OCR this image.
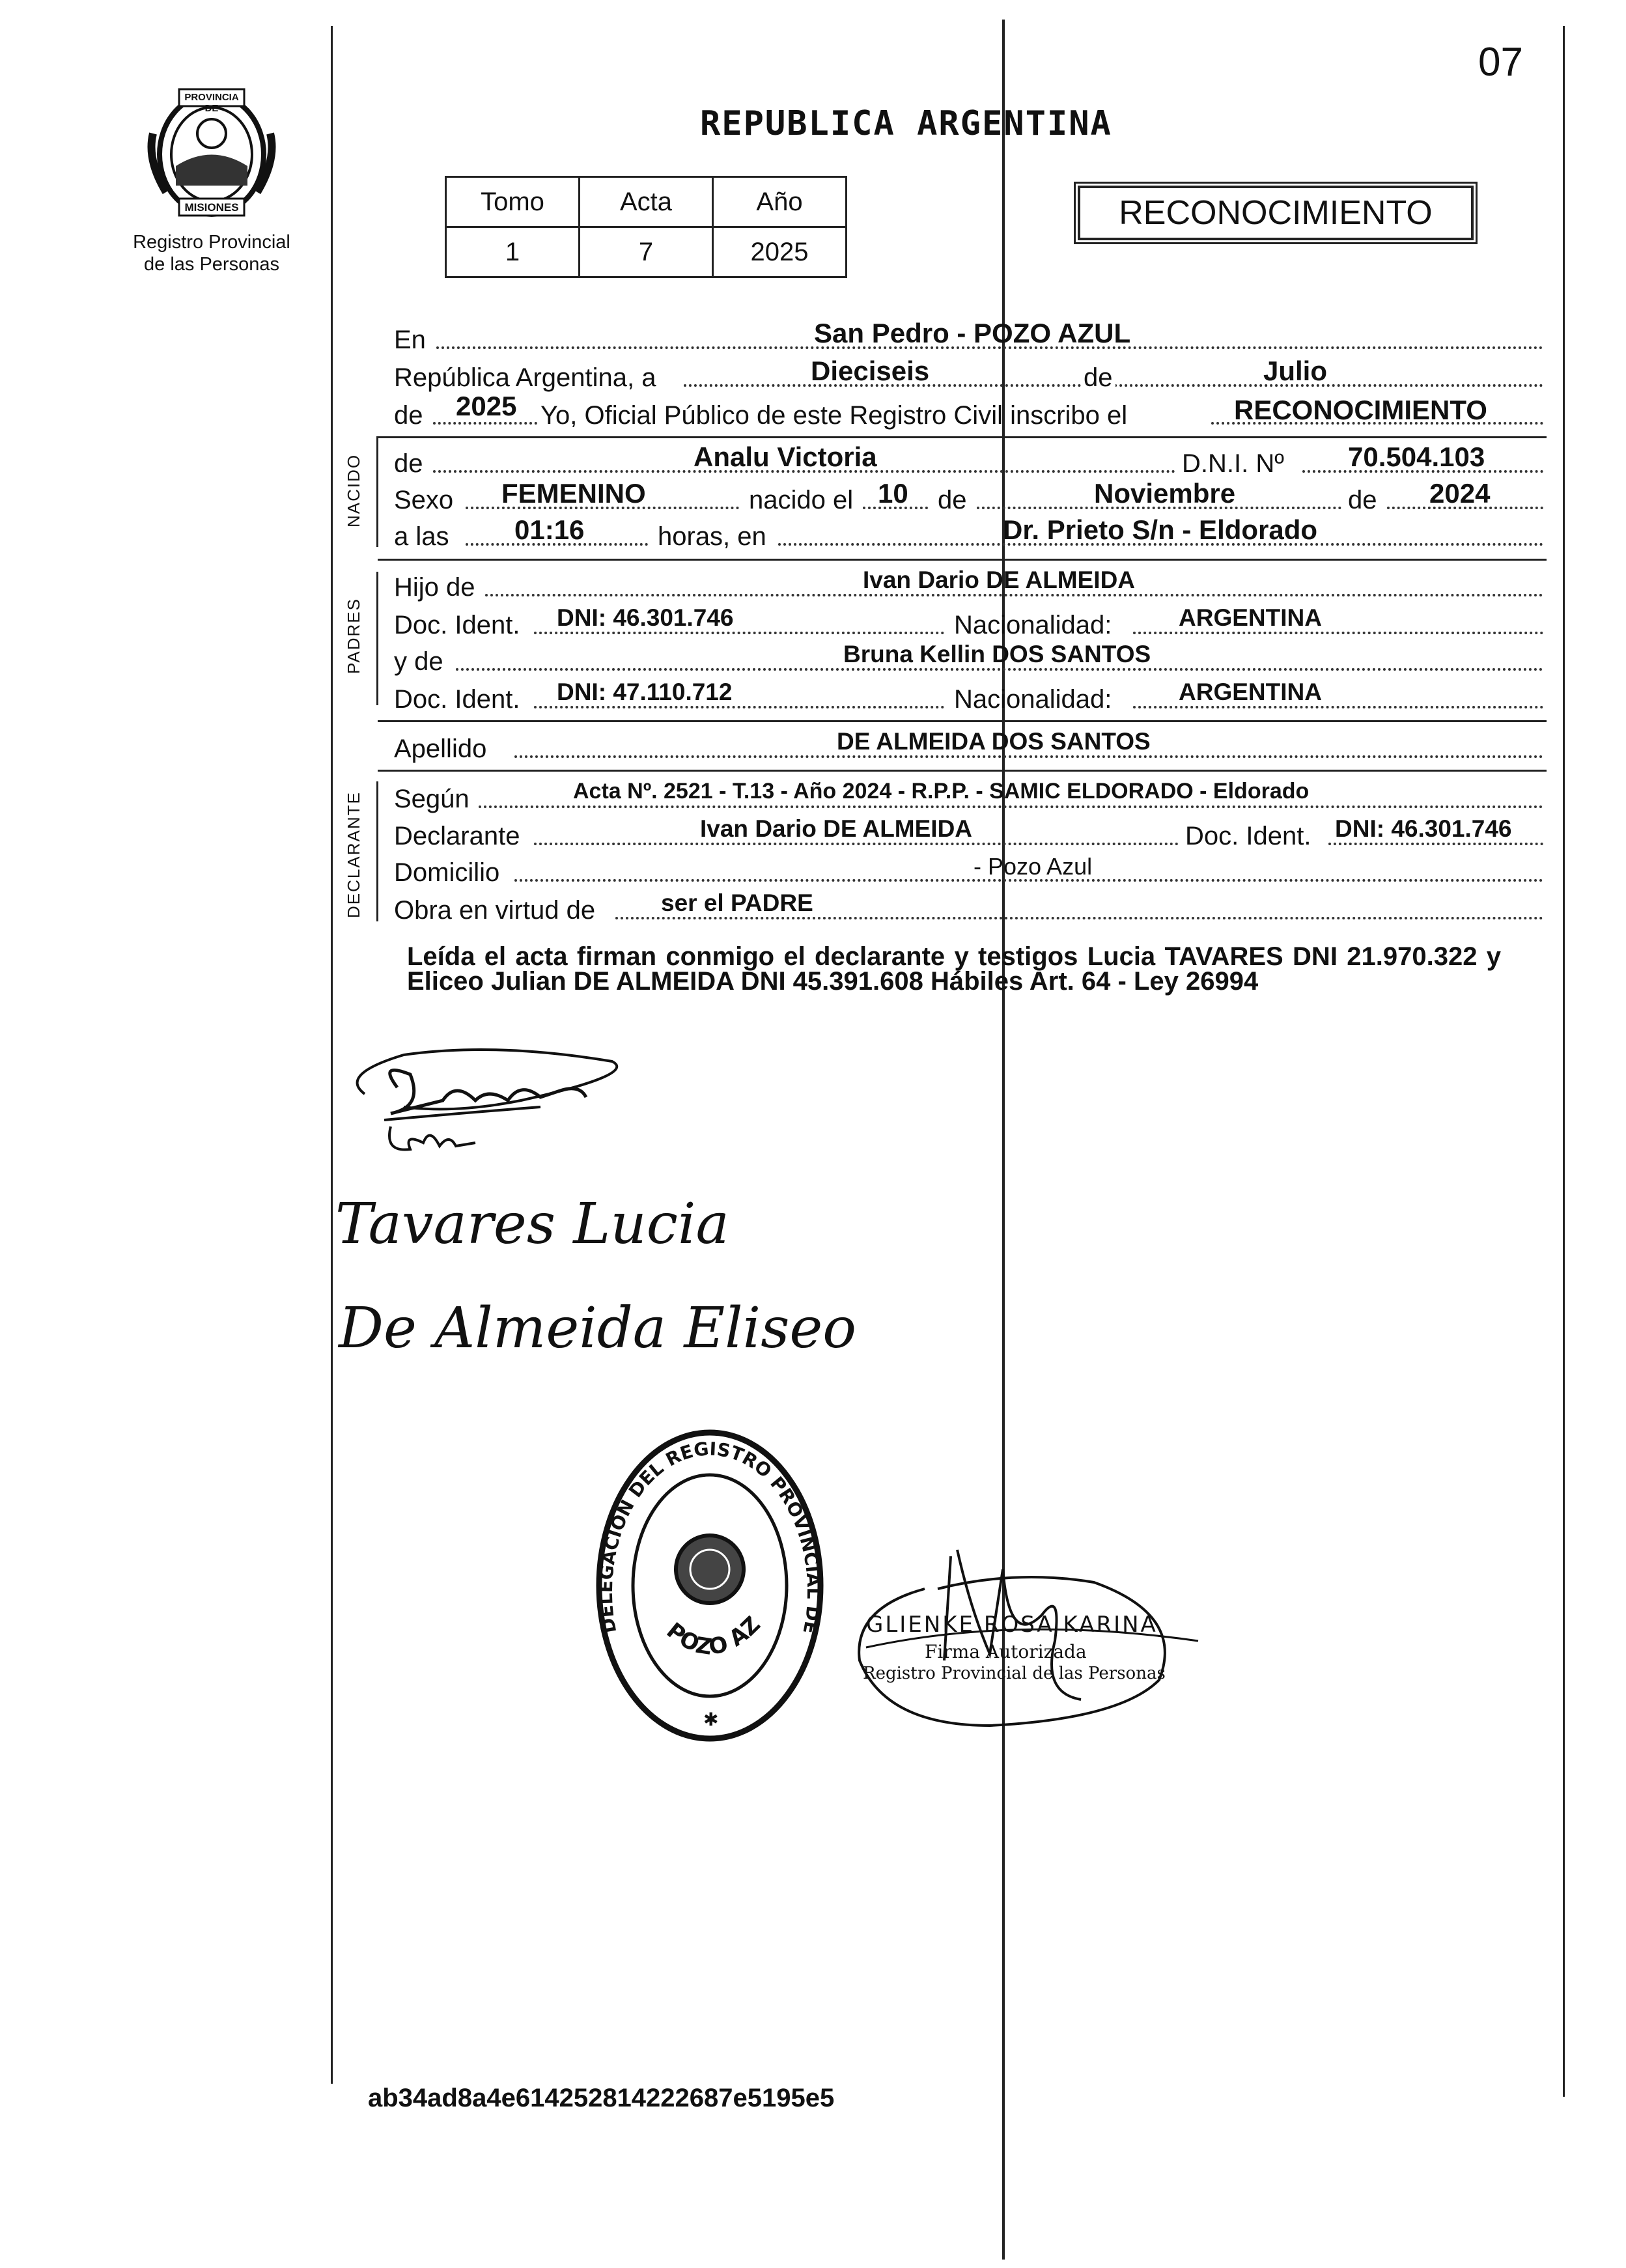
07
PROVINCIA DE
MISIONES
Registro Provincial
de las Personas
REPUBLICA ARGENTINA
Tomo	Acta	Año
1	7	2025
RECONOCIMIENTO
En	San Pedro - POZO AZUL
República Argentina, a	Dieciseis	de	Julio
de 2025 Yo, Oficial Público de este Registro Civil inscribo el	RECONOCIMIENTO
NACIDO de	Analu Victoria	D.N.I. Nº 70.504.103
Sexo FEMENINO	nacido el 10 de	Noviembre	de 2024
a las 01:16	horas, en	Dr. Prieto S/n - Eldorado
PADRES
Hijo de	Ivan Dario DE ALMEIDA
Doc. Ident. DNI: 46.301.746	Nacionalidad:	ARGENTINA
y de	Bruna Kellin DOS SANTOS
Doc. Ident. DNI: 47.110.712	Nacionalidad:	ARGENTINA
Apellido	DE ALMEIDA DOS SANTOS
DECLARANTE Según	Acta Nº. 2521 - T.13 - Año 2024 - R.P.P. - SAMIC ELDORADO - Eldorado
Declarante	Ivan Dario DE ALMEIDA	Doc. Ident. DNI: 46.301.746
Domicilio	- Pozo Azul
Obra en virtud de	ser el PADRE
Leída el acta firman conmigo el declarante y testigos Lucia TAVARES DNI 21.970.322 y Eliceo Julian DE ALMEIDA DNI 45.391.608 Hábiles Art. 64 - Ley 26994
Tavares Lucia
De Almeida Eliseo
DELEGACIÓN DEL REGISTRO PROVINCIAL DE
POZO AZ
✱
GLIENKE ROSA KARINA
Firma Autorizada
Registro Provincial de las Personas
ab34ad8a4e614252814222687e5195e5
